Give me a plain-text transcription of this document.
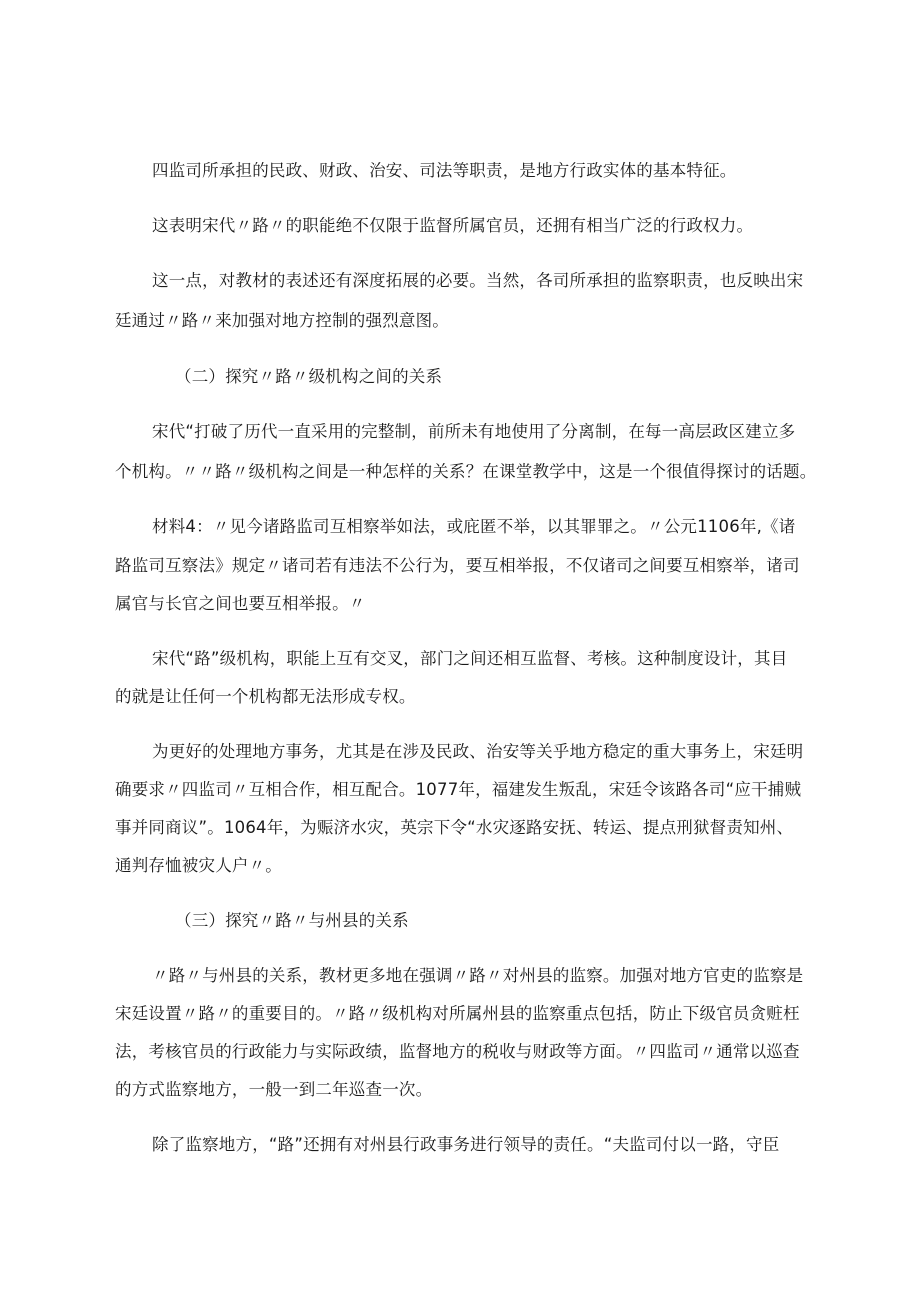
四监司所承担的民政、财政、治安、司法等职责，是地方行政实体的基本特征。
这表明宋代〃路〃的职能绝不仅限于监督所属官员，还拥有相当广泛的行政权力。
这一点，对教材的表述还有深度拓展的必要。当然，各司所承担的监察职责，也反映出宋
廷通过〃路〃来加强对地方控制的强烈意图。
（二）探究〃路〃级机构之间的关系
宋代“打破了历代一直采用的完整制，前所未有地使用了分离制，在每一高层政区建立多
个机构。〃〃路〃级机构之间是一种怎样的关系？在课堂教学中，这是一个很值得探讨的话题。
材料4：〃见今诸路监司互相察举如法，或庇匿不举，以其罪罪之。〃公元1106年,《诸
路监司互察法》规定〃诸司若有违法不公行为，要互相举报，不仅诸司之间要互相察举，诸司
属官与长官之间也要互相举报。〃
宋代“路”级机构，职能上互有交叉，部门之间还相互监督、考核。这种制度设计，其目
的就是让任何一个机构都无法形成专权。
为更好的处理地方事务，尤其是在涉及民政、治安等关乎地方稳定的重大事务上，宋廷明
确要求〃四监司〃互相合作，相互配合。1077年，福建发生叛乱，宋廷令该路各司“应干捕贼
事并同商议”。1064年，为赈济水灾，英宗下令“水灾逐路安抚、转运、提点刑狱督责知州、
通判存恤被灾人户〃。
（三）探究〃路〃与州县的关系
〃路〃与州县的关系，教材更多地在强调〃路〃对州县的监察。加强对地方官吏的监察是
宋廷设置〃路〃的重要目的。〃路〃级机构对所属州县的监察重点包括，防止下级官员贪赃枉
法，考核官员的行政能力与实际政绩，监督地方的税收与财政等方面。〃四监司〃通常以巡查
的方式监察地方，一般一到二年巡查一次。
除了监察地方，“路”还拥有对州县行政事务进行领导的责任。“夫监司付以一路，守臣
